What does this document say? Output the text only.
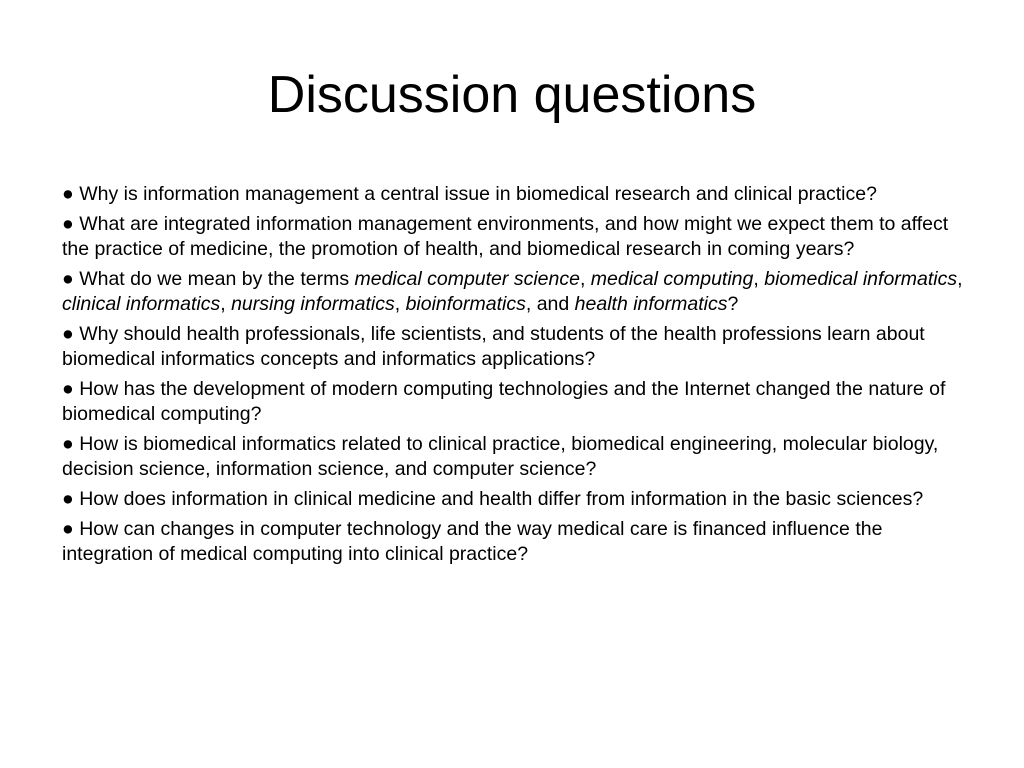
Discussion questions
● Why is information management a central issue in biomedical research and clinical practice?
● What are integrated information management environments, and how might we expect them to affect the practice of medicine, the promotion of health, and biomedical research in coming years?
● What do we mean by the terms medical computer science, medical computing, biomedical informatics, clinical informatics, nursing informatics, bioinformatics, and health informatics?
● Why should health professionals, life scientists, and students of the health professions learn about biomedical informatics concepts and informatics applications?
● How has the development of modern computing technologies and the Internet changed the nature of biomedical computing?
● How is biomedical informatics related to clinical practice, biomedical engineering, molecular biology, decision science, information science, and computer science?
● How does information in clinical medicine and health differ from information in the basic sciences?
● How can changes in computer technology and the way medical care is financed influence the integration of medical computing into clinical practice?
